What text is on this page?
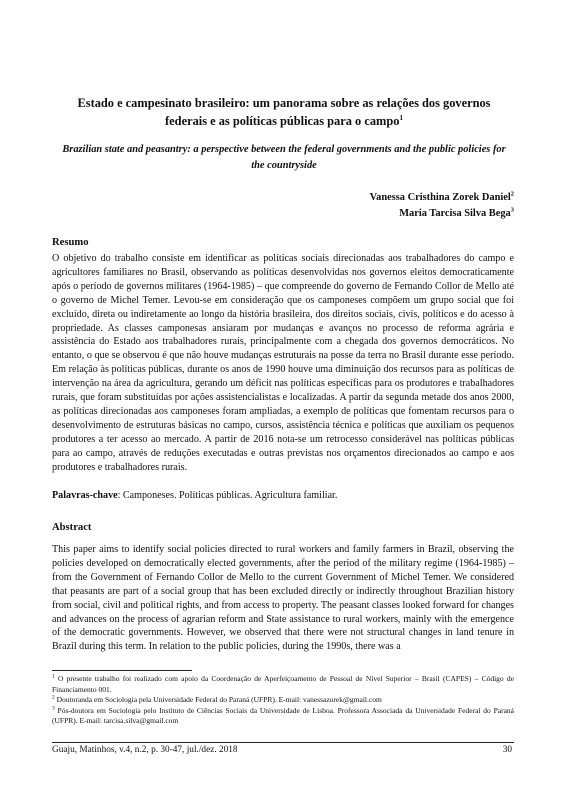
Estado e campesinato brasileiro: um panorama sobre as relações dos governos federais e as políticas públicas para o campo$^1$
Brazilian state and peasantry: a perspective between the federal governments and the public policies for the countryside
Vanessa Cristhina Zorek Daniel$^2$
Maria Tarcisa Silva Bega$^3$
Resumo
O objetivo do trabalho consiste em identificar as políticas sociais direcionadas aos trabalhadores do campo e agricultores familiares no Brasil, observando as políticas desenvolvidas nos governos eleitos democraticamente após o período de governos militares (1964-1985) – que compreende do governo de Fernando Collor de Mello até o governo de Michel Temer. Levou-se em consideração que os camponeses compõem um grupo social que foi excluído, direta ou indiretamente ao longo da história brasileira, dos direitos sociais, civis, políticos e do acesso à propriedade. As classes camponesas ansiaram por mudanças e avanços no processo de reforma agrária e assistência do Estado aos trabalhadores rurais, principalmente com a chegada dos governos democráticos. No entanto, o que se observou é que não houve mudanças estruturais na posse da terra no Brasil durante esse período. Em relação às políticas públicas, durante os anos de 1990 houve uma diminuição dos recursos para as políticas de intervenção na área da agricultura, gerando um déficit nas políticas específicas para os produtores e trabalhadores rurais, que foram substituídas por ações assistencialistas e localizadas. A partir da segunda metade dos anos 2000, as políticas direcionadas aos camponeses foram ampliadas, a exemplo de políticas que fomentam recursos para o desenvolvimento de estruturas básicas no campo, cursos, assistência técnica e políticas que auxiliam os pequenos produtores a ter acesso ao mercado. A partir de 2016 nota-se um retrocesso considerável nas políticas públicas para ao campo, através de reduções executadas e outras previstas nos orçamentos direcionados ao campo e aos produtores e trabalhadores rurais.
Palavras-chave: Camponeses. Políticas públicas. Agricultura familiar.
Abstract
This paper aims to identify social policies directed to rural workers and family farmers in Brazil, observing the policies developed on democratically elected governments, after the period of the military regime (1964-1985) – from the Government of Fernando Collor de Mello to the current Government of Michel Temer. We considered that peasants are part of a social group that has been excluded directly or indirectly throughout Brazilian history from social, civil and political rights, and from access to property. The peasant classes looked forward for changes and advances on the process of agrarian reform and State assistance to rural workers, mainly with the emergence of the democratic governments. However, we observed that there were not structural changes in land tenure in Brazil during this term. In relation to the public policies, during the 1990s, there was a

$^1$ O presente trabalho foi realizado com apoio da Coordenação de Aperfeiçoamento de Pessoal de Nível Superior – Brasil (CAPES) – Código de Financiamento 001.

$^2$ Doutoranda em Sociologia pela Universidade Federal do Paraná (UFPR). E-mail: vanessazorek@gmail.com

$^3$ Pós-doutora em Sociologia pelo Instituto de Ciências Sociais da Universidade de Lisboa. Professora Associada da Universidade Federal do Paraná (UFPR). E-mail: tarcisa.silva@gmail.com

Guaju, Matinhos, v.4, n.2, p. 30-47, jul./dez. 2018	30
